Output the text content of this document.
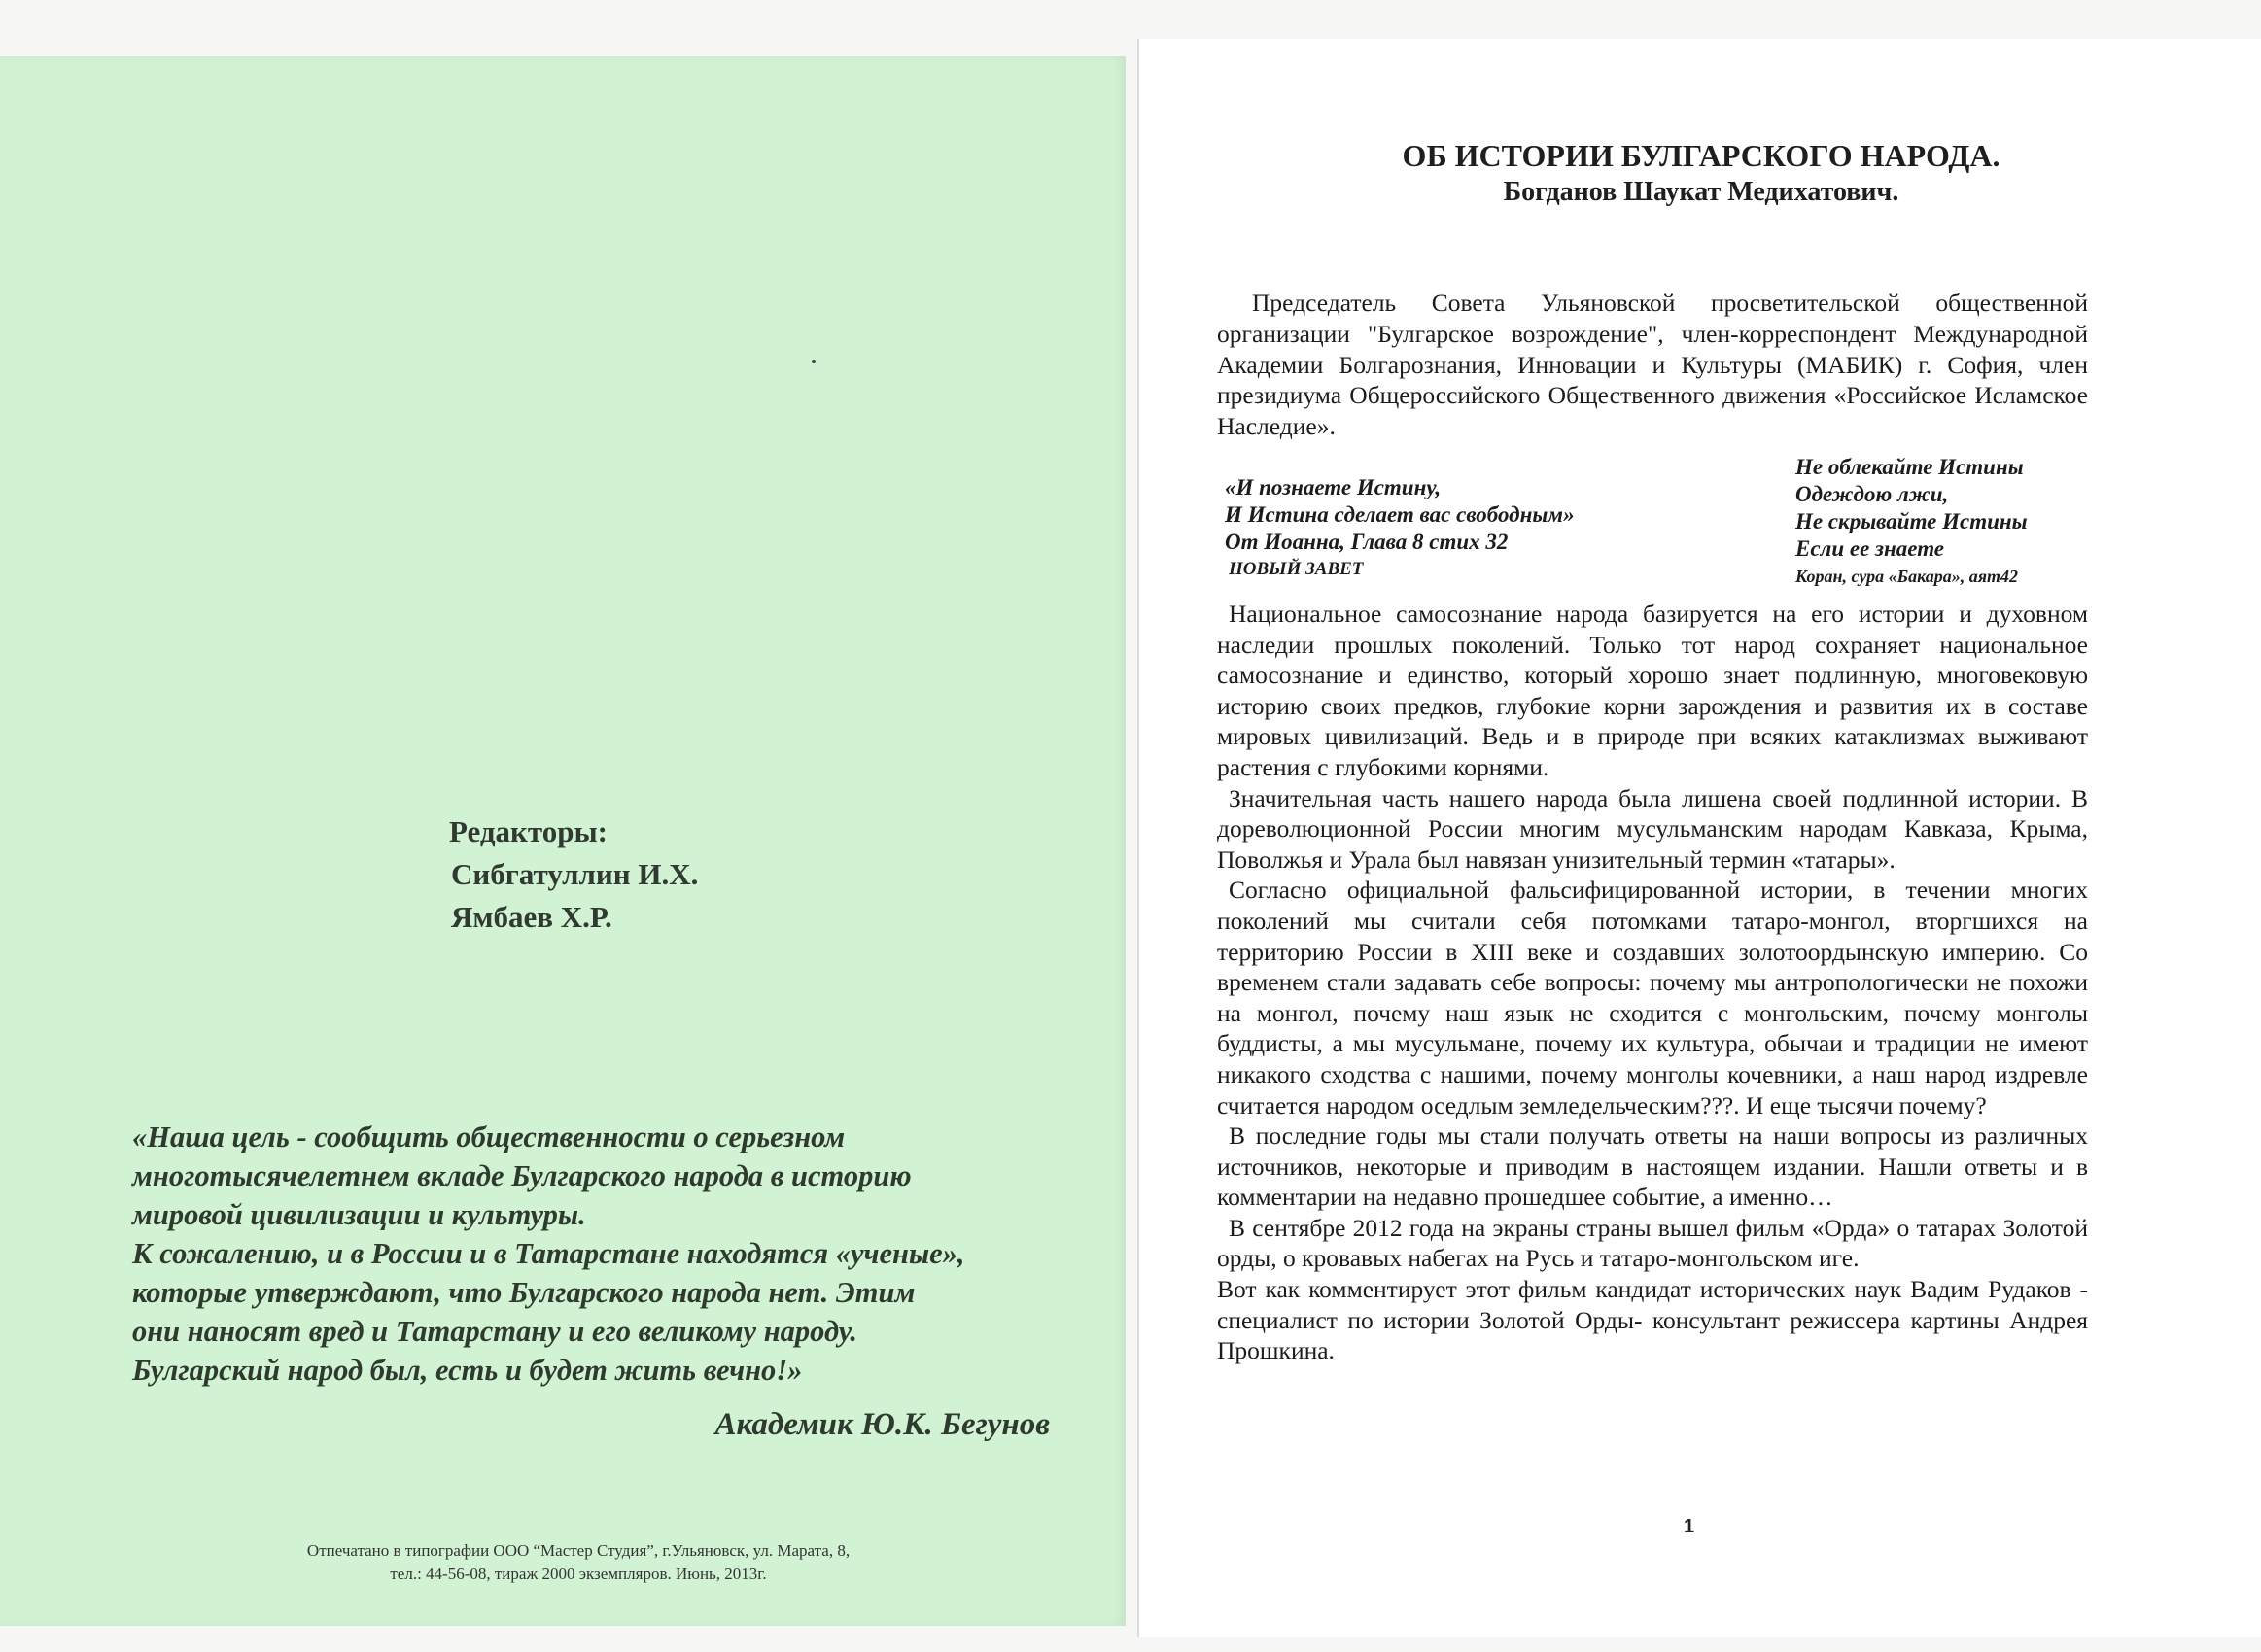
Редакторы:
Сибгатуллин И.Х.
Ямбаев Х.Р.
«Наша цель - сообщить общественности о серьезном
многотысячелетнем вкладе Булгарского народа в историю
мировой цивилизации и культуры.
К сожалению, и в России и в Татарстане находятся «ученые»,
которые утверждают, что Булгарского народа нет. Этим
они наносят вред и Татарстану и его великому народу.
Булгарский народ был, есть и будет жить вечно!»
Академик Ю.К. Бегунов
Отпечатано в типографии ООО “Мастер Студия”, г.Ульяновск, ул. Марата, 8,
тел.: 44-56-08, тираж 2000 экземпляров. Июнь, 2013г.
ОБ ИСТОРИИ БУЛГАРСКОГО НАРОДА.
Богданов Шаукат Медихатович.
Председатель Совета Ульяновской просветительской общественной организации "Булгарское возрождение", член-корреспондент Международной Академии Болгарознания, Инновации и Культуры (МАБИК) г. София, член президиума Общероссийского Общественного движения «Российское Исламское Наследие».
«И познаете Истину,
И Истина сделает вас свободным»
От Иоанна, Глава 8 стих 32
НОВЫЙ ЗАВЕТ
Не облекайте Истины
Одеждою лжи,
Не скрывайте Истины
Если ее знаете
Коран, сура «Бакара», аят42

Национальное самосознание народа базируется на его истории и духовном наследии прошлых поколений. Только тот народ сохраняет национальное самосознание и единство, который хорошо знает подлинную, многовековую историю своих предков, глубокие корни зарождения и развития их в составе мировых цивилизаций. Ведь и в природе при всяких катаклизмах выживают растения с глубокими корнями.

Значительная часть нашего народа была лишена своей подлинной истории. В дореволюционной России многим мусульманским народам Кавказа, Крыма, Поволжья и Урала был навязан унизительный термин «татары».

Согласно официальной фальсифицированной истории, в течении многих поколений мы считали себя потомками татаро-монгол, вторгшихся на территорию России в XIII веке и создавших золотоордынскую империю. Со временем стали задавать себе вопросы: почему мы антропологически не похожи на монгол, почему наш язык не сходится с монгольским, почему монголы буддисты, а мы мусульмане, почему их культура, обычаи и традиции не имеют никакого сходства с нашими, почему монголы кочевники, а наш народ издревле считается народом оседлым земледельческим???. И еще тысячи почему?

В последние годы мы стали получать ответы на наши вопросы из различных источников, некоторые и приводим в настоящем издании. Нашли ответы и в комментарии на недавно прошедшее событие, а именно…

В сентябре 2012 года на экраны страны вышел фильм «Орда» о татарах Золотой орды, о кровавых набегах на Русь и татаро-монгольском иге.

Вот как комментирует этот фильм кандидат исторических наук Вадим Рудаков - специалист по истории Золотой Орды- консультант режиссера картины Андрея Прошкина.

1
